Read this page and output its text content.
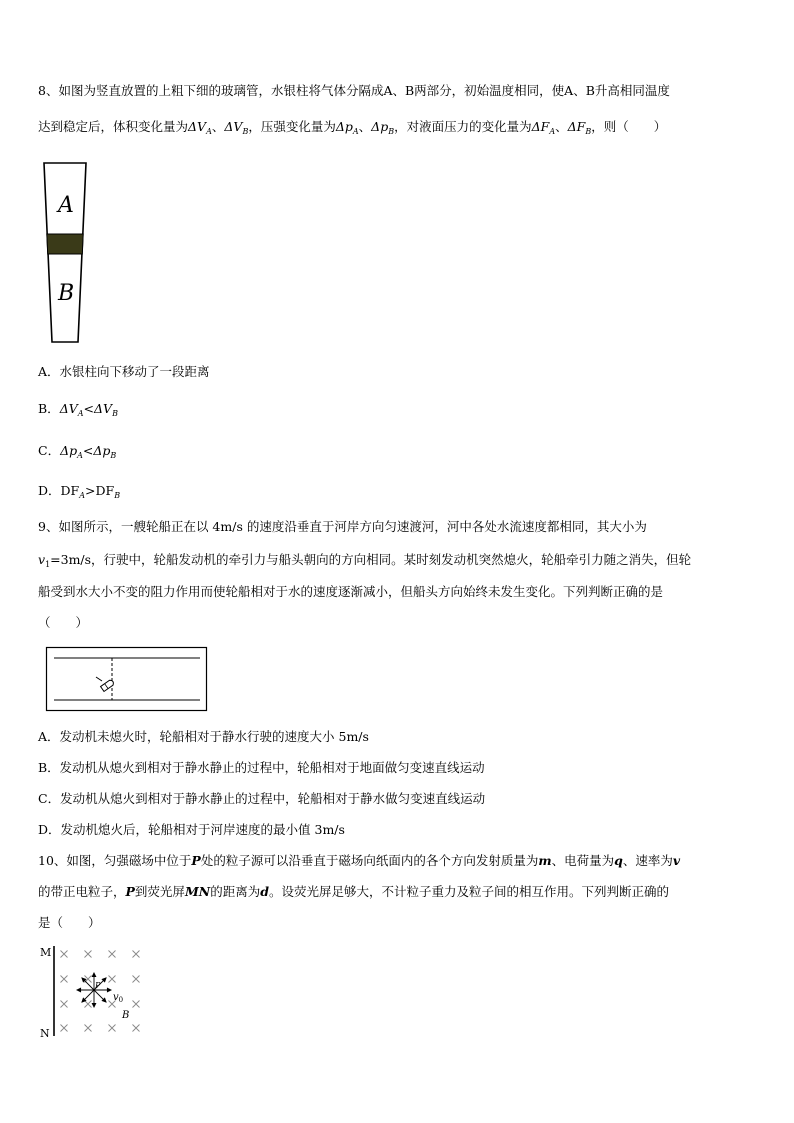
8、如图为竖直放置的上粗下细的玻璃管，水银柱将气体分隔成A、B两部分，初始温度相同，使A、B升高相同温度
达到稳定后，体积变化量为$\Delta V_A$、$\Delta V_B$，压强变化量为$\Delta p_A$、$\Delta p_B$，对液面压力的变化量为$\Delta F_A$、$\Delta F_B$，则（　　）
A
B
A．水银柱向下移动了一段距离
B．$\Delta V_A<\Delta V_B$
C．$\Delta p_A<\Delta p_B$
D．$DF_A>DF_B$
9、如图所示，一艘轮船正在以 4m/s 的速度沿垂直于河岸方向匀速渡河，河中各处水流速度都相同，其大小为
$v_1=3m/s$，行驶中，轮船发动机的牵引力与船头朝向的方向相同。某时刻发动机突然熄火，轮船牵引力随之消失，但轮
船受到水大小不变的阻力作用而使轮船相对于水的速度逐渐减小，但船头方向始终未发生变化。下列判断正确的是
（　　）
A．发动机未熄火时，轮船相对于静水行驶的速度大小 5m/s
B．发动机从熄火到相对于静水静止的过程中，轮船相对于地面做匀变速直线运动
C．发动机从熄火到相对于静水静止的过程中，轮船相对于静水做匀变速直线运动
D．发动机熄火后，轮船相对于河岸速度的最小值 3m/s
10、如图，匀强磁场中位于P处的粒子源可以沿垂直于磁场向纸面内的各个方向发射质量为m、电荷量为q、速率为v
的带正电粒子，P到荧光屏MN的距离为d。设荧光屏足够大，不计粒子重力及粒子间的相互作用。下列判断正确的
是（　　）
M
N
P
$v_0$
B
